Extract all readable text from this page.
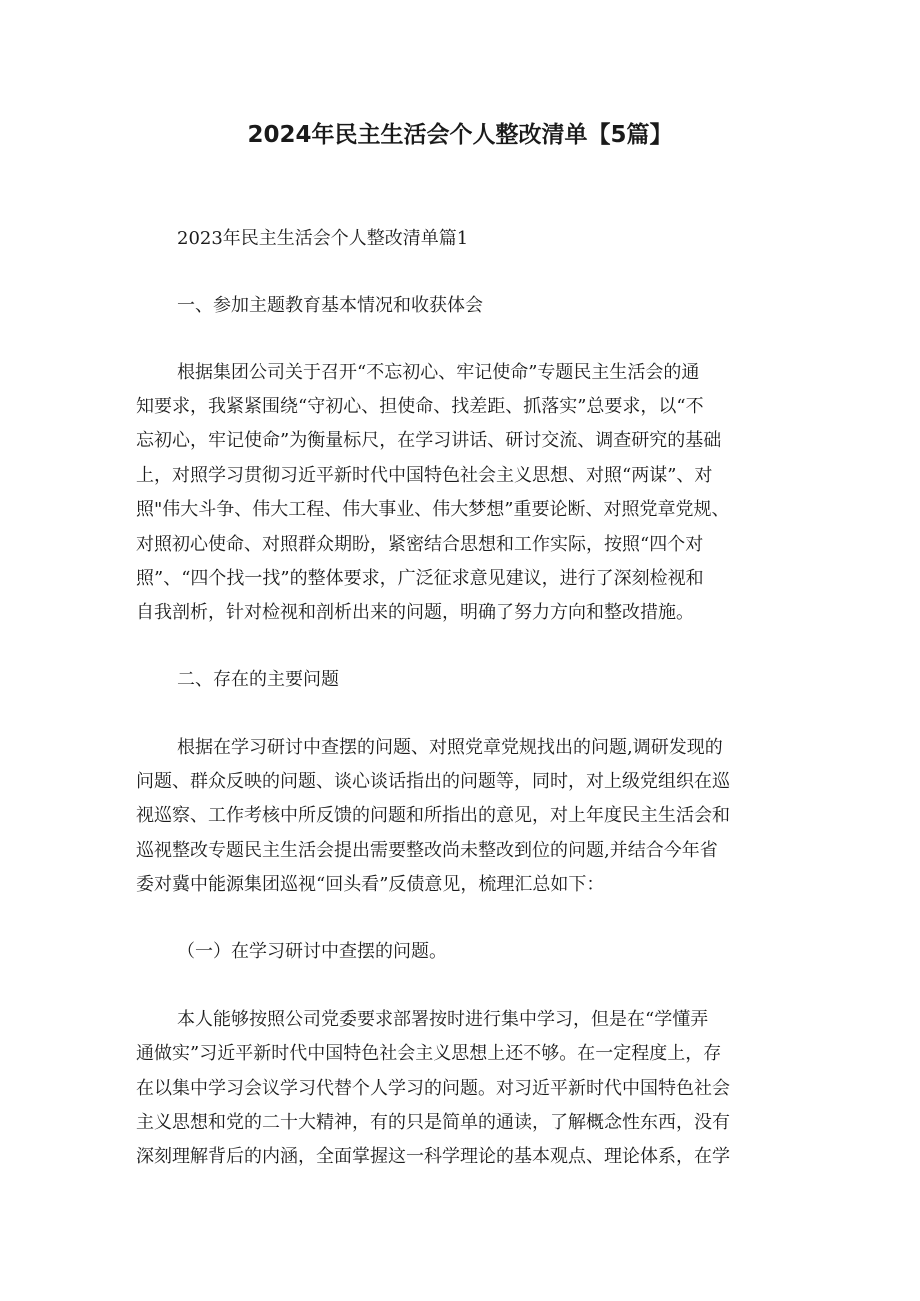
2024年民主生活会个人整改清单【5篇】

2023年民主生活会个人整改清单篇1

一、参加主题教育基本情况和收获体会

根据集团公司关于召开“不忘初心、牢记使命”专题民主生活会的通

知要求，我紧紧围绕“守初心、担使命、找差距、抓落实”总要求，以“不

忘初心，牢记使命”为衡量标尺，在学习讲话、研讨交流、调查研究的基础

上，对照学习贯彻习近平新时代中国特色社会主义思想、对照“两谋”、对

照"伟大斗争、伟大工程、伟大事业、伟大梦想”重要论断、对照党章党规、

对照初心使命、对照群众期盼，紧密结合思想和工作实际，按照“四个对

照”、“四个找一找”的整体要求，广泛征求意见建议，进行了深刻检视和

自我剖析，针对检视和剖析出来的问题，明确了努力方向和整改措施。

二、存在的主要问题

根据在学习研讨中查摆的问题、对照党章党规找出的问题,调研发现的

问题、群众反映的问题、谈心谈话指出的问题等，同时，对上级党组织在巡

视巡察、工作考核中所反馈的问题和所指出的意见，对上年度民主生活会和

巡视整改专题民主生活会提出需要整改尚未整改到位的问题,并结合今年省

委对冀中能源集团巡视“回头看”反债意见，梳理汇总如下：

（一）在学习研讨中查摆的问题。

本人能够按照公司党委要求部署按时进行集中学习，但是在“学懂弄

通做实”习近平新时代中国特色社会主义思想上还不够。在一定程度上，存

在以集中学习会议学习代替个人学习的问题。对习近平新时代中国特色社会

主义思想和党的二十大精神，有的只是简单的通读，了解概念性东西，没有

深刻理解背后的内涵，全面掌握这一科学理论的基本观点、理论体系，在学
